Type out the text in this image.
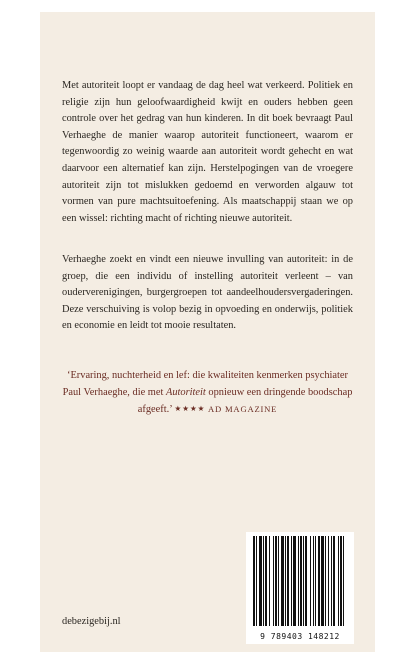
Met autoriteit loopt er vandaag de dag heel wat verkeerd. Politiek en religie zijn hun geloofwaardigheid kwijt en ouders hebben geen controle over het gedrag van hun kinderen. In dit boek bevraagt Paul Verhaeghe de manier waarop autoriteit functioneert, waarom er tegenwoordig zo weinig waarde aan autoriteit wordt gehecht en wat daarvoor een alternatief kan zijn. Herstelpogingen van de vroegere autoriteit zijn tot mislukken gedoemd en verworden algauw tot vormen van pure machtsuitoefening. Als maatschappij staan we op een wissel: richting macht of richting nieuwe autoriteit.

Verhaeghe zoekt en vindt een nieuwe invulling van autoriteit: in de groep, die een individu of instelling autoriteit verleent – van ouderverenigingen, burgergroepen tot aandeelhoudersvergaderingen. Deze verschuiving is volop bezig in opvoeding en onderwijs, politiek en economie en leidt tot mooie resultaten.

‘Ervaring, nuchterheid en lef: die kwaliteiten kenmerken psychiater Paul Verhaeghe, die met Autoriteit opnieuw een dringende boodschap afgeeft.’ ★★★★ AD MAGAZINE

debezigebij.nl
9 789403 148212
